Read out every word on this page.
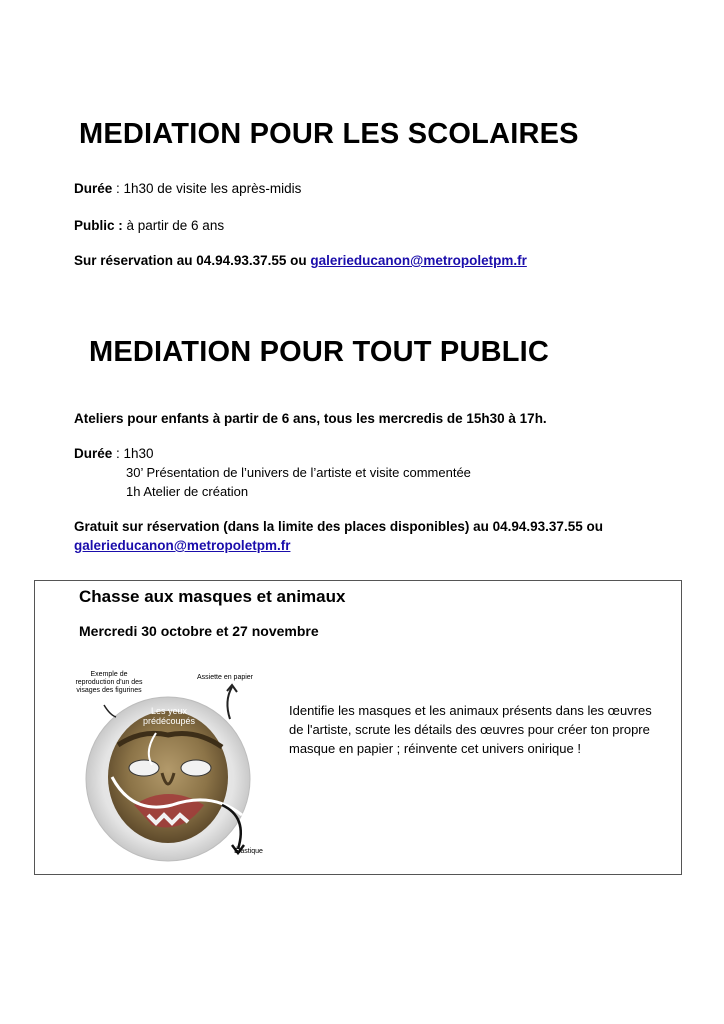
MEDIATION POUR LES SCOLAIRES
Durée : 1h30 de visite les après-midis
Public : à partir de 6 ans
Sur réservation au 04.94.93.37.55 ou galerieducanon@metropoletpm.fr
MEDIATION POUR TOUT PUBLIC
Ateliers pour enfants à partir de 6 ans, tous les mercredis de 15h30 à 17h.
Durée : 1h30
30’ Présentation de l’univers de l’artiste et visite commentée
1h Atelier de création
Gratuit sur réservation (dans la limite des places disponibles) au 04.94.93.37.55 ou
galerieducanon@metropoletpm.fr
Chasse aux masques et animaux
Mercredi 30 octobre et 27 novembre
Exemple de reproduction d'un des visages des figurines
Assiette en papier
Les yeux prédécoupés
Élastique
Identifie les masques et les animaux présents dans les œuvres de l'artiste, scrute les détails des œuvres pour créer ton propre masque en papier ; réinvente cet univers onirique !
